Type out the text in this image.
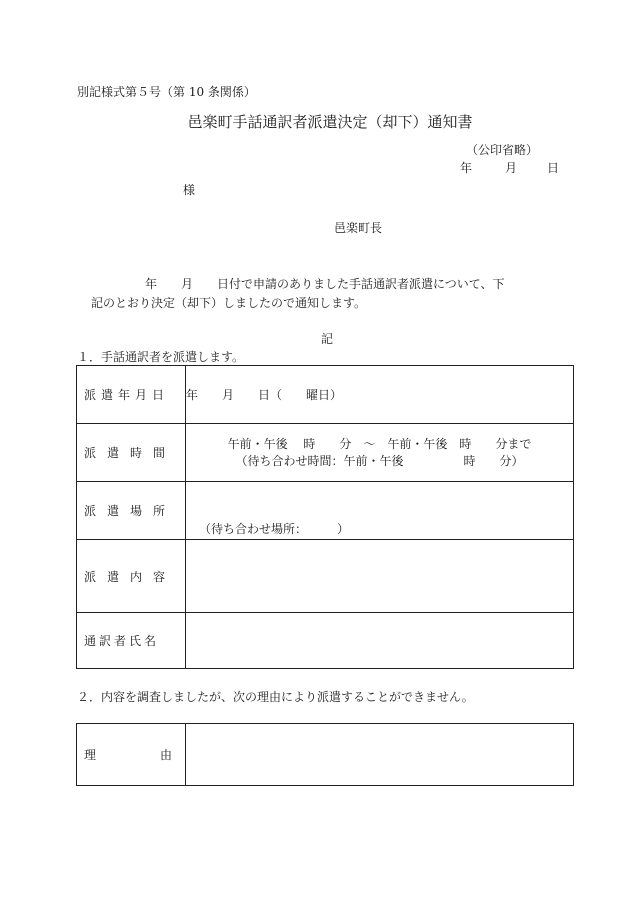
別記様式第５号（第 10 条関係）
邑楽町手話通訳者派遣決定（却下）通知書
（公印省略）
年	月	日
様
邑楽町長
年　　月　　日付で申請のありました手話通訳者派遣について、下
記のとおり決定（却下）しましたので通知します。
記
１．手話通訳者を派遣します。
派遣年月日	年　　月　　日（　　曜日）
派遣時間	午前・午後　 時　　分　～　午前・午後　時　　分まで
（待ち合わせ時間：午前・午後　　　　　時　　分）

派遣場所	（待ち合わせ場所：　　　）

派遣内容	
通訳者氏名	
２．内容を調査しましたが、次の理由により派遣することができません。
理	由
